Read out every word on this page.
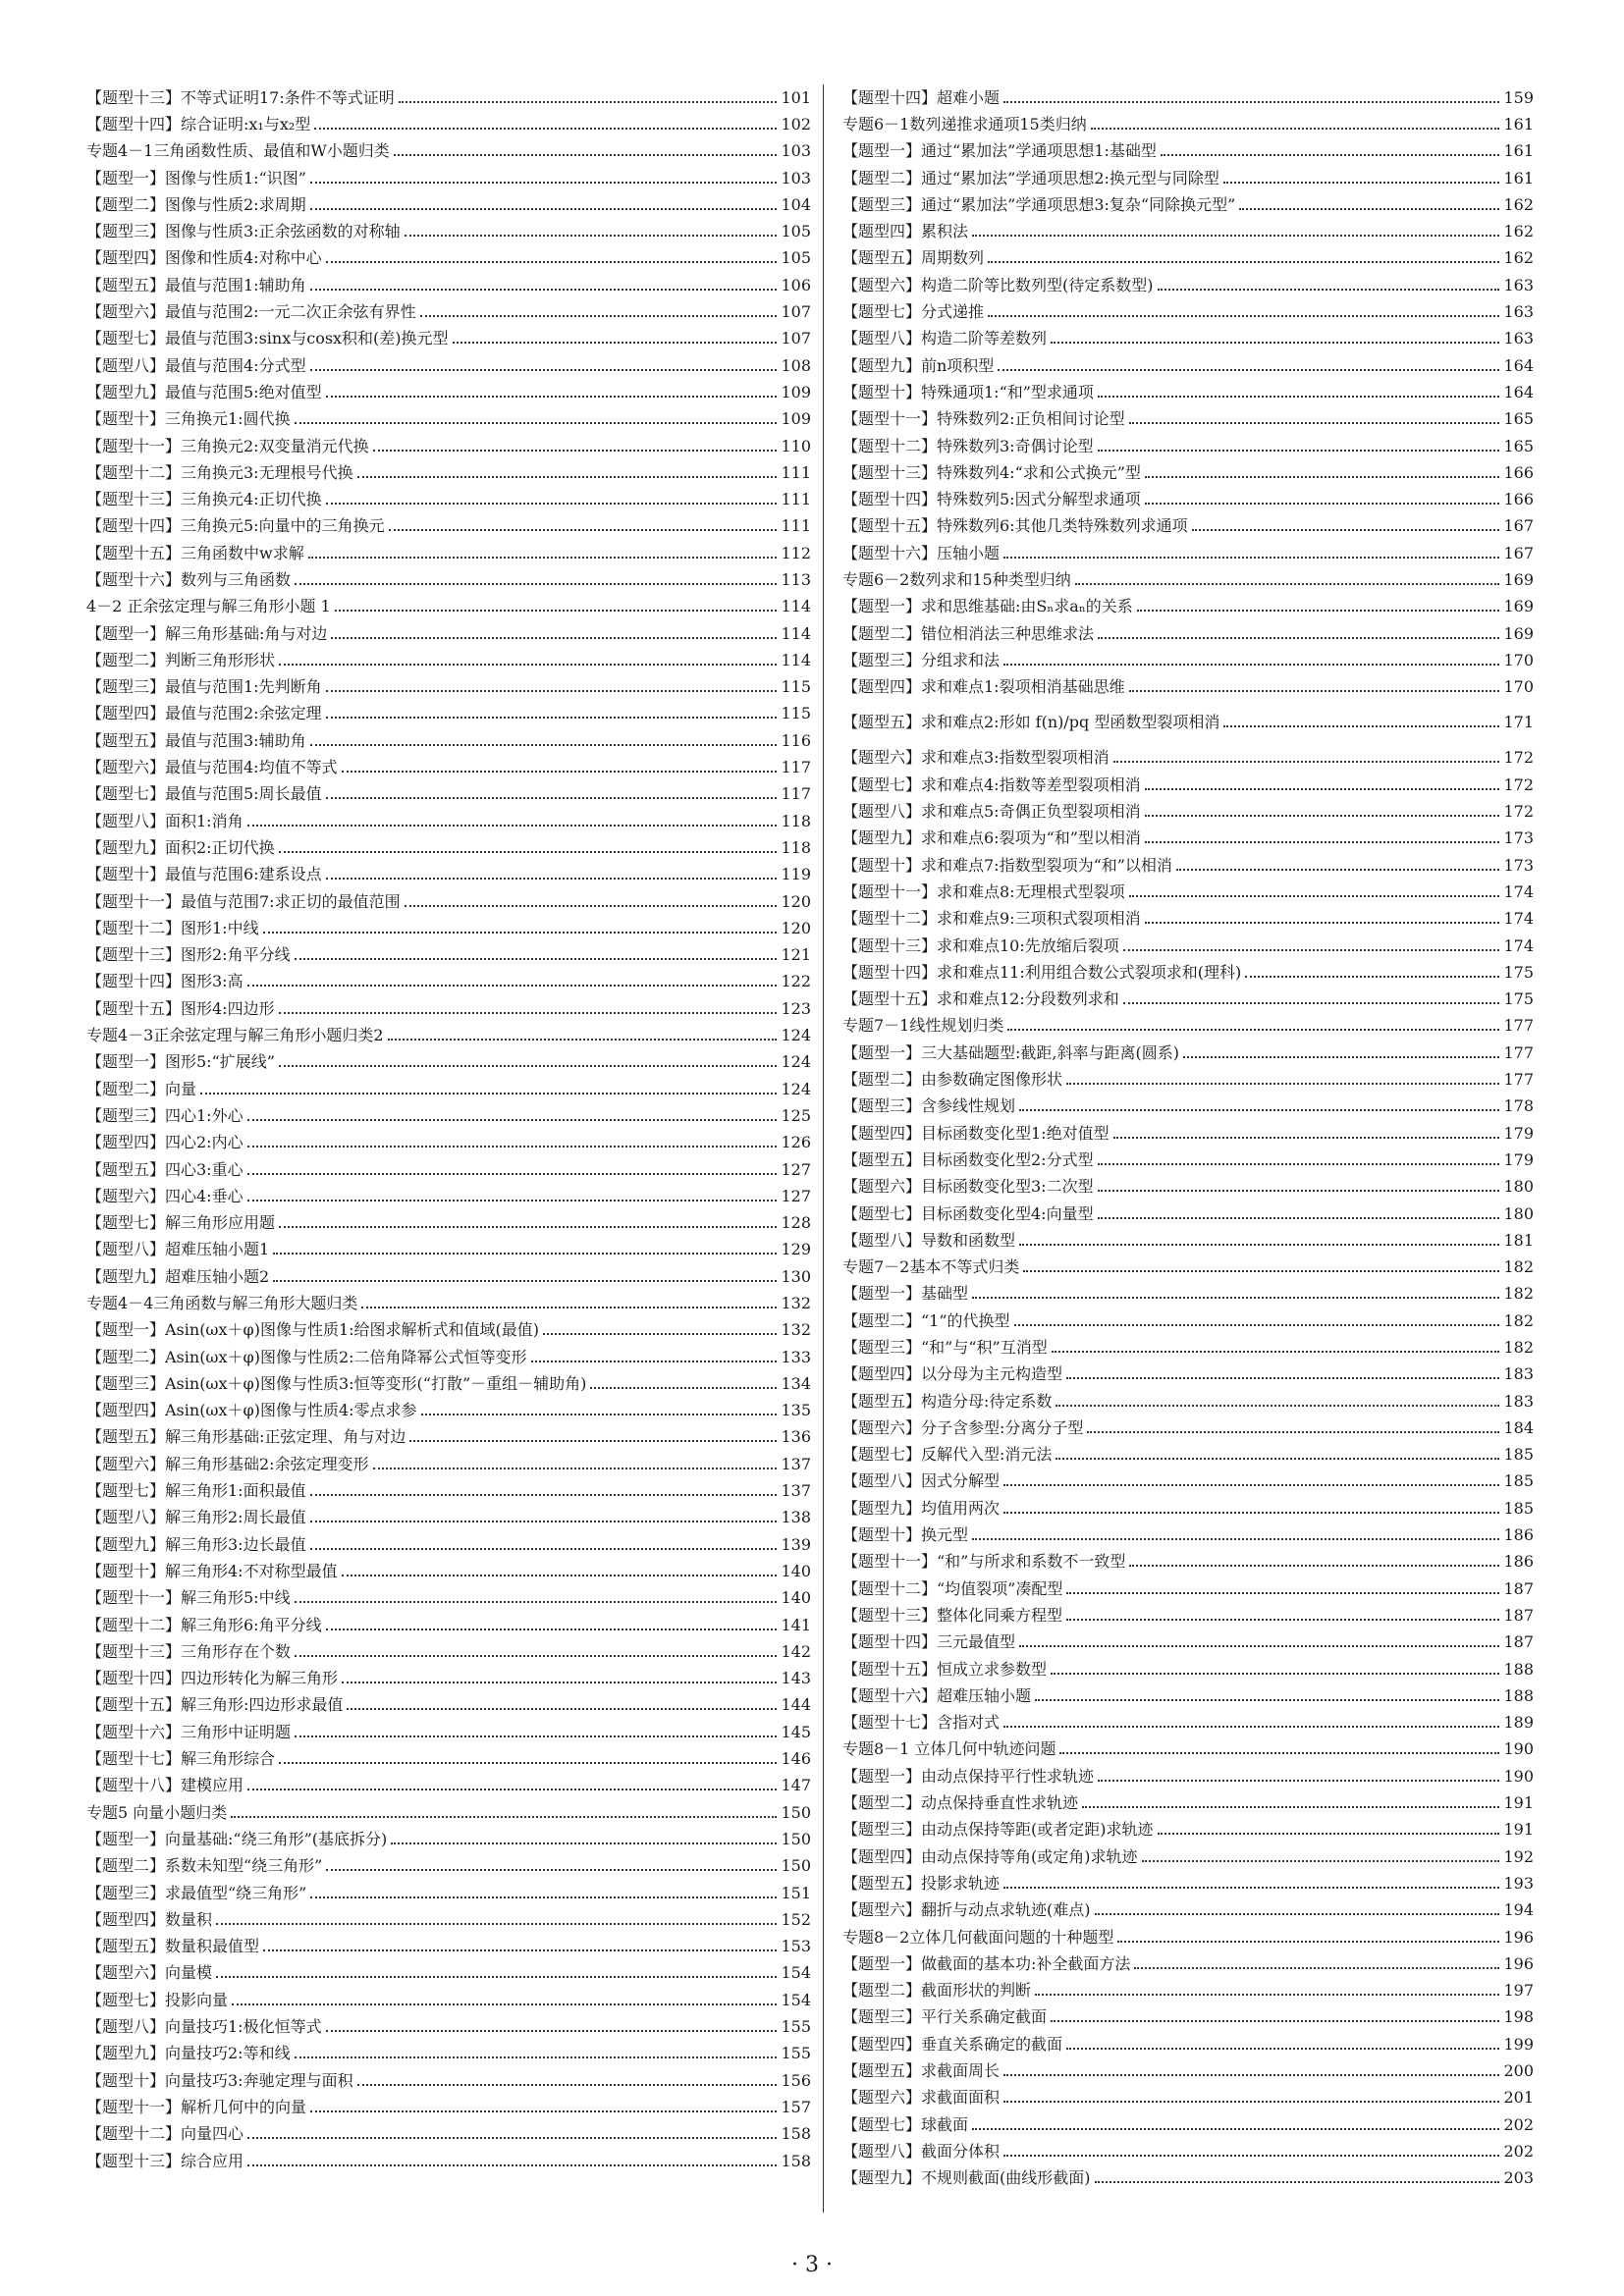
【题型十三】不等式证明17:条件不等式证明	101
【题型十四】综合证明:x₁与x₂型	102
专题4－1三角函数性质、最值和W小题归类	103
【题型一】图像与性质1:“识图”	103
【题型二】图像与性质2:求周期	104
【题型三】图像与性质3:正余弦函数的对称轴	105
【题型四】图像和性质4:对称中心	105
【题型五】最值与范围1:辅助角	106
【题型六】最值与范围2:一元二次正余弦有界性	107
【题型七】最值与范围3:sinx与cosx积和(差)换元型	107
【题型八】最值与范围4:分式型	108
【题型九】最值与范围5:绝对值型	109
【题型十】三角换元1:圆代换	109
【题型十一】三角换元2:双变量消元代换	110
【题型十二】三角换元3:无理根号代换	111
【题型十三】三角换元4:正切代换	111
【题型十四】三角换元5:向量中的三角换元	111
【题型十五】三角函数中w求解	112
【题型十六】数列与三角函数	113
4－2 正余弦定理与解三角形小题 1	114
【题型一】解三角形基础:角与对边	114
【题型二】判断三角形形状	114
【题型三】最值与范围1:先判断角	115
【题型四】最值与范围2:余弦定理	115
【题型五】最值与范围3:辅助角	116
【题型六】最值与范围4:均值不等式	117
【题型七】最值与范围5:周长最值	117
【题型八】面积1:消角	118
【题型九】面积2:正切代换	118
【题型十】最值与范围6:建系设点	119
【题型十一】最值与范围7:求正切的最值范围	120
【题型十二】图形1:中线	120
【题型十三】图形2:角平分线	121
【题型十四】图形3:高	122
【题型十五】图形4:四边形	123
专题4－3正余弦定理与解三角形小题归类2	124
【题型一】图形5:“扩展线”	124
【题型二】向量	124
【题型三】四心1:外心	125
【题型四】四心2:内心	126
【题型五】四心3:重心	127
【题型六】四心4:垂心	127
【题型七】解三角形应用题	128
【题型八】超难压轴小题1	129
【题型九】超难压轴小题2	130
专题4－4三角函数与解三角形大题归类	132
【题型一】Asin(ωx＋φ)图像与性质1:给图求解析式和值域(最值)	132
【题型二】Asin(ωx＋φ)图像与性质2:二倍角降幂公式恒等变形	133
【题型三】Asin(ωx＋φ)图像与性质3:恒等变形(“打散”－重组－辅助角)	134
【题型四】Asin(ωx＋φ)图像与性质4:零点求参	135
【题型五】解三角形基础:正弦定理、角与对边	136
【题型六】解三角形基础2:余弦定理变形	137
【题型七】解三角形1:面积最值	137
【题型八】解三角形2:周长最值	138
【题型九】解三角形3:边长最值	139
【题型十】解三角形4:不对称型最值	140
【题型十一】解三角形5:中线	140
【题型十二】解三角形6:角平分线	141
【题型十三】三角形存在个数	142
【题型十四】四边形转化为解三角形	143
【题型十五】解三角形:四边形求最值	144
【题型十六】三角形中证明题	145
【题型十七】解三角形综合	146
【题型十八】建模应用	147
专题5 向量小题归类	150
【题型一】向量基础:“绕三角形”(基底拆分)	150
【题型二】系数未知型“绕三角形”	150
【题型三】求最值型“绕三角形”	151
【题型四】数量积	152
【题型五】数量积最值型	153
【题型六】向量模	154
【题型七】投影向量	154
【题型八】向量技巧1:极化恒等式	155
【题型九】向量技巧2:等和线	155
【题型十】向量技巧3:奔驰定理与面积	156
【题型十一】解析几何中的向量	157
【题型十二】向量四心	158
【题型十三】综合应用	158
【题型十四】超难小题	159
专题6－1数列递推求通项15类归纳	161
【题型一】通过“累加法”学通项思想1:基础型	161
【题型二】通过“累加法”学通项思想2:换元型与同除型	161
【题型三】通过“累加法”学通项思想3:复杂“同除换元型”	162
【题型四】累积法	162
【题型五】周期数列	162
【题型六】构造二阶等比数列型(待定系数型)	163
【题型七】分式递推	163
【题型八】构造二阶等差数列	163
【题型九】前n项积型	164
【题型十】特殊通项1:“和”型求通项	164
【题型十一】特殊数列2:正负相间讨论型	165
【题型十二】特殊数列3:奇偶讨论型	165
【题型十三】特殊数列4:“求和公式换元”型	166
【题型十四】特殊数列5:因式分解型求通项	166
【题型十五】特殊数列6:其他几类特殊数列求通项	167
【题型十六】压轴小题	167
专题6－2数列求和15种类型归纳	169
【题型一】求和思维基础:由Sₙ求aₙ的关系	169
【题型二】错位相消法三种思维求法	169
【题型三】分组求和法	170
【题型四】求和难点1:裂项相消基础思维	170
【题型五】求和难点2:形如 f(n)/pq 型函数型裂项相消	171
【题型六】求和难点3:指数型裂项相消	172
【题型七】求和难点4:指数等差型裂项相消	172
【题型八】求和难点5:奇偶正负型裂项相消	172
【题型九】求和难点6:裂项为“和”型以相消	173
【题型十】求和难点7:指数型裂项为“和”以相消	173
【题型十一】求和难点8:无理根式型裂项	174
【题型十二】求和难点9:三项积式裂项相消	174
【题型十三】求和难点10:先放缩后裂项	174
【题型十四】求和难点11:利用组合数公式裂项求和(理科)	175
【题型十五】求和难点12:分段数列求和	175
专题7－1线性规划归类	177
【题型一】三大基础题型:截距,斜率与距离(圆系)	177
【题型二】由参数确定图像形状	177
【题型三】含参线性规划	178
【题型四】目标函数变化型1:绝对值型	179
【题型五】目标函数变化型2:分式型	179
【题型六】目标函数变化型3:二次型	180
【题型七】目标函数变化型4:向量型	180
【题型八】导数和函数型	181
专题7－2基本不等式归类	182
【题型一】基础型	182
【题型二】“1”的代换型	182
【题型三】“和”与“积”互消型	182
【题型四】以分母为主元构造型	183
【题型五】构造分母:待定系数	183
【题型六】分子含参型:分离分子型	184
【题型七】反解代入型:消元法	185
【题型八】因式分解型	185
【题型九】均值用两次	185
【题型十】换元型	186
【题型十一】“和”与所求和系数不一致型	186
【题型十二】“均值裂项”凑配型	187
【题型十三】整体化同乘方程型	187
【题型十四】三元最值型	187
【题型十五】恒成立求参数型	188
【题型十六】超难压轴小题	188
【题型十七】含指对式	189
专题8－1 立体几何中轨迹问题	190
【题型一】由动点保持平行性求轨迹	190
【题型二】动点保持垂直性求轨迹	191
【题型三】由动点保持等距(或者定距)求轨迹	191
【题型四】由动点保持等角(或定角)求轨迹	192
【题型五】投影求轨迹	193
【题型六】翻折与动点求轨迹(难点)	194
专题8－2立体几何截面问题的十种题型	196
【题型一】做截面的基本功:补全截面方法	196
【题型二】截面形状的判断	197
【题型三】平行关系确定截面	198
【题型四】垂直关系确定的截面	199
【题型五】求截面周长	200
【题型六】求截面面积	201
【题型七】球截面	202
【题型八】截面分体积	202
【题型九】不规则截面(曲线形截面)	203
· 3 ·
